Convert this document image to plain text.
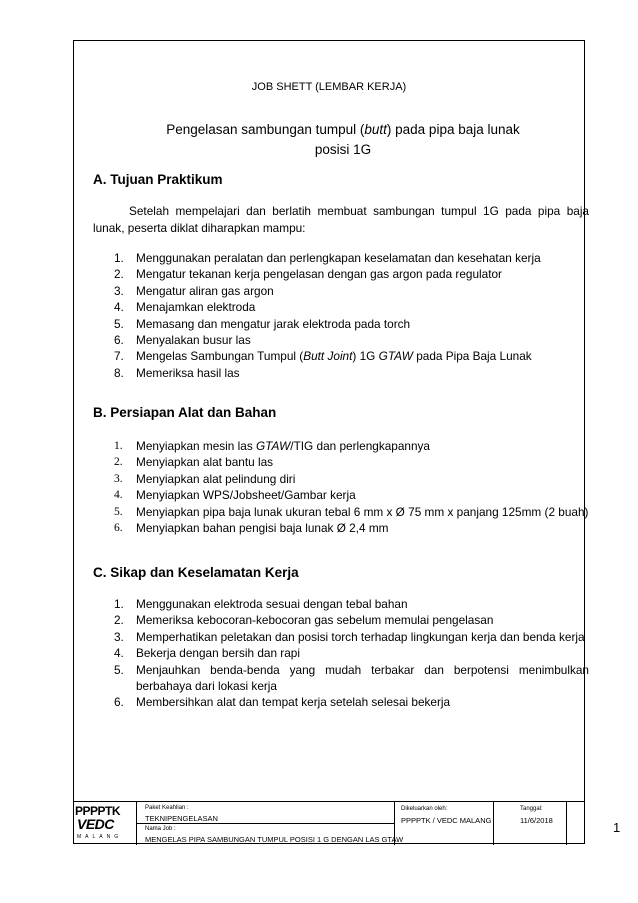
JOB SHETT (LEMBAR KERJA)
Pengelasan sambungan tumpul (butt) pada pipa baja lunak
posisi 1G
A. Tujuan Praktikum
Setelah mempelajari dan berlatih membuat sambungan tumpul 1G pada pipa baja lunak, peserta diklat diharapkan mampu:
1. Menggunakan peralatan dan perlengkapan keselamatan dan kesehatan kerja
2. Mengatur tekanan kerja pengelasan dengan gas argon pada regulator
3. Mengatur aliran gas argon
4. Menajamkan elektroda
5. Memasang dan mengatur jarak elektroda pada torch
6. Menyalakan busur las
7. Mengelas Sambungan Tumpul (Butt Joint) 1G GTAW pada Pipa Baja Lunak
8. Memeriksa hasil las
B. Persiapan Alat dan Bahan
1. Menyiapkan mesin las GTAW/TIG dan perlengkapannya
2. Menyiapkan alat bantu las
3. Menyiapkan alat pelindung diri
4. Menyiapkan WPS/Jobsheet/Gambar kerja
5. Menyiapkan pipa baja lunak ukuran tebal 6 mm x Ø 75 mm x panjang 125mm (2 buah)
6. Menyiapkan bahan pengisi baja lunak Ø 2,4 mm
C. Sikap dan Keselamatan Kerja
1. Menggunakan elektroda sesuai dengan tebal bahan
2. Memeriksa kebocoran-kebocoran gas sebelum memulai pengelasan
3. Memperhatikan peletakan dan posisi torch terhadap lingkungan kerja dan benda kerja
4. Bekerja dengan bersih dan rapi
5. Menjauhkan benda-benda yang mudah terbakar dan berpotensi menimbulkan
berbahaya dari lokasi kerja
6. Membersihkan alat dan tempat kerja setelah selesai bekerja
PPPPTK
VEDC
MALANG
Paket Keahlian :
TEKNIPENGELASAN
Nama Job :
MENGELAS PIPA SAMBUNGAN TUMPUL POSISI 1 G DENGAN LAS GTAW
Dikeluarkan oleh:
PPPPTK / VEDC MALANG
Tanggal:
11/6/2018	1
